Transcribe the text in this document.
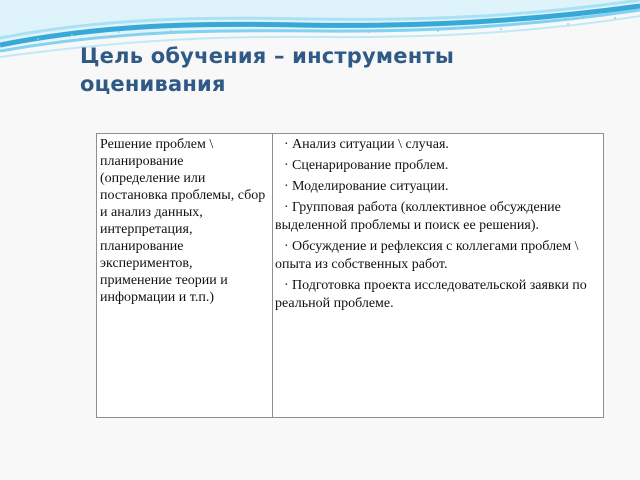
Цель обучения – инструменты оценивания

Решение проблем \ планирование (определение или постановка проблемы, сбор и анализ данных, интерпретация, планирование экспериментов, применение теории и информации и т.п.)

· Анализ ситуации \ случая.

· Сценарирование проблем.

· Моделирование ситуации.

· Групповая работа (коллективное обсуждение выделенной проблемы и поиск ее решения).

· Обсуждение и рефлексия с коллегами проблем \ опыта из собственных работ.

· Подготовка проекта исследовательской заявки по реальной проблеме.
